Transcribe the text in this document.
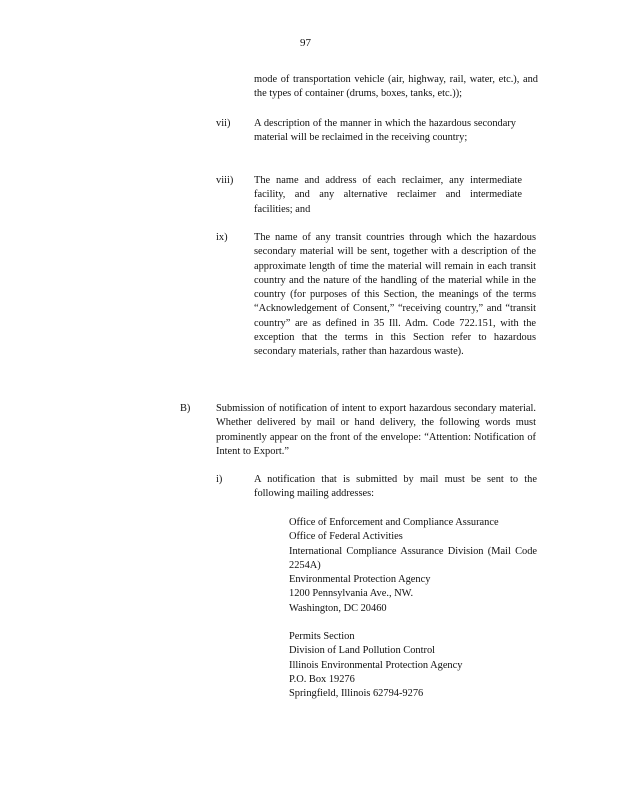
97
mode of transportation vehicle (air, highway, rail, water, etc.), and the types of container (drums, boxes, tanks, etc.));
vii) A description of the manner in which the hazardous secondary material will be reclaimed in the receiving country;
viii) The name and address of each reclaimer, any intermediate facility, and any alternative reclaimer and intermediate facilities; and
ix)	The name of any transit countries through which the hazardous secondary material will be sent, together with a description of the approximate length of time the material will remain in each transit country and the nature of the handling of the material while in the country (for purposes of this Section, the meanings of the terms “Acknowledgement of Consent,” “receiving country,” and “transit country” are as defined in 35 Ill. Adm. Code 722.151, with the exception that the terms in this Section refer to hazardous secondary materials, rather than hazardous waste).
B) Submission of notification of intent to export hazardous secondary material. Whether delivered by mail or hand delivery, the following words must prominently appear on the front of the envelope: “Attention: Notification of Intent to Export.”
i)	A notification that is submitted by mail must be sent to the following mailing addresses:
Office of Enforcement and Compliance Assurance
Office of Federal Activities
International Compliance Assurance Division (Mail Code 2254A)
Environmental Protection Agency
1200 Pennsylvania Ave., NW.
Washington, DC 20460
Permits Section
Division of Land Pollution Control
Illinois Environmental Protection Agency
P.O. Box 19276
Springfield, Illinois 62794-9276
